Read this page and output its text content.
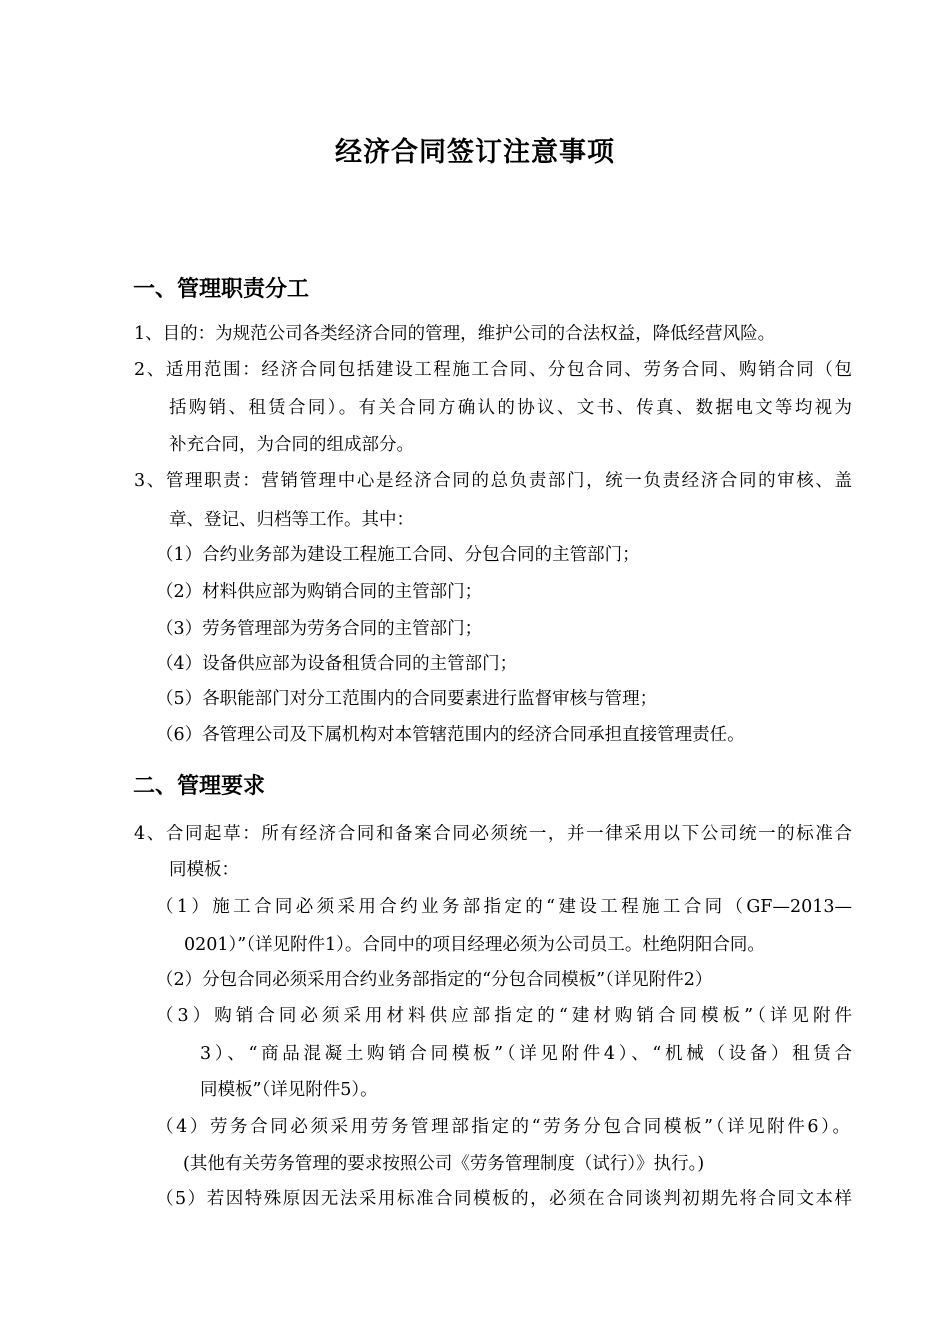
经济合同签订注意事项
一、管理职责分工
1、目的：为规范公司各类经济合同的管理，维护公司的合法权益，降低经营风险。
2、适用范围：经济合同包括建设工程施工合同、分包合同、劳务合同、购销合同（包
括购销、租赁合同）。有关合同方确认的协议、文书、传真、数据电文等均视为
补充合同，为合同的组成部分。
3、管理职责：营销管理中心是经济合同的总负责部门，统一负责经济合同的审核、盖
章、登记、归档等工作。其中：
（1）合约业务部为建设工程施工合同、分包合同的主管部门；
（2）材料供应部为购销合同的主管部门；
（3）劳务管理部为劳务合同的主管部门；
（4）设备供应部为设备租赁合同的主管部门；
（5）各职能部门对分工范围内的合同要素进行监督审核与管理；
（6）各管理公司及下属机构对本管辖范围内的经济合同承担直接管理责任。
二、管理要求
4、合同起草：所有经济合同和备案合同必须统一，并一律采用以下公司统一的标准合
同模板：
（1）施工合同必须采用合约业务部指定的“建设工程施工合同（GF—2013—
0201）”（详见附件1）。合同中的项目经理必须为公司员工。杜绝阴阳合同。
（2）分包合同必须采用合约业务部指定的“分包合同模板”（详见附件2）
（3）购销合同必须采用材料供应部指定的“建材购销合同模板”（详见附件
3）、“商品混凝土购销合同模板”（详见附件4）、“机械（设备）租赁合
同模板”（详见附件5）。
（4）劳务合同必须采用劳务管理部指定的“劳务分包合同模板”（详见附件6）。
(其他有关劳务管理的要求按照公司《劳务管理制度（试行）》执行。)
（5）若因特殊原因无法采用标准合同模板的，必须在合同谈判初期先将合同文本样
